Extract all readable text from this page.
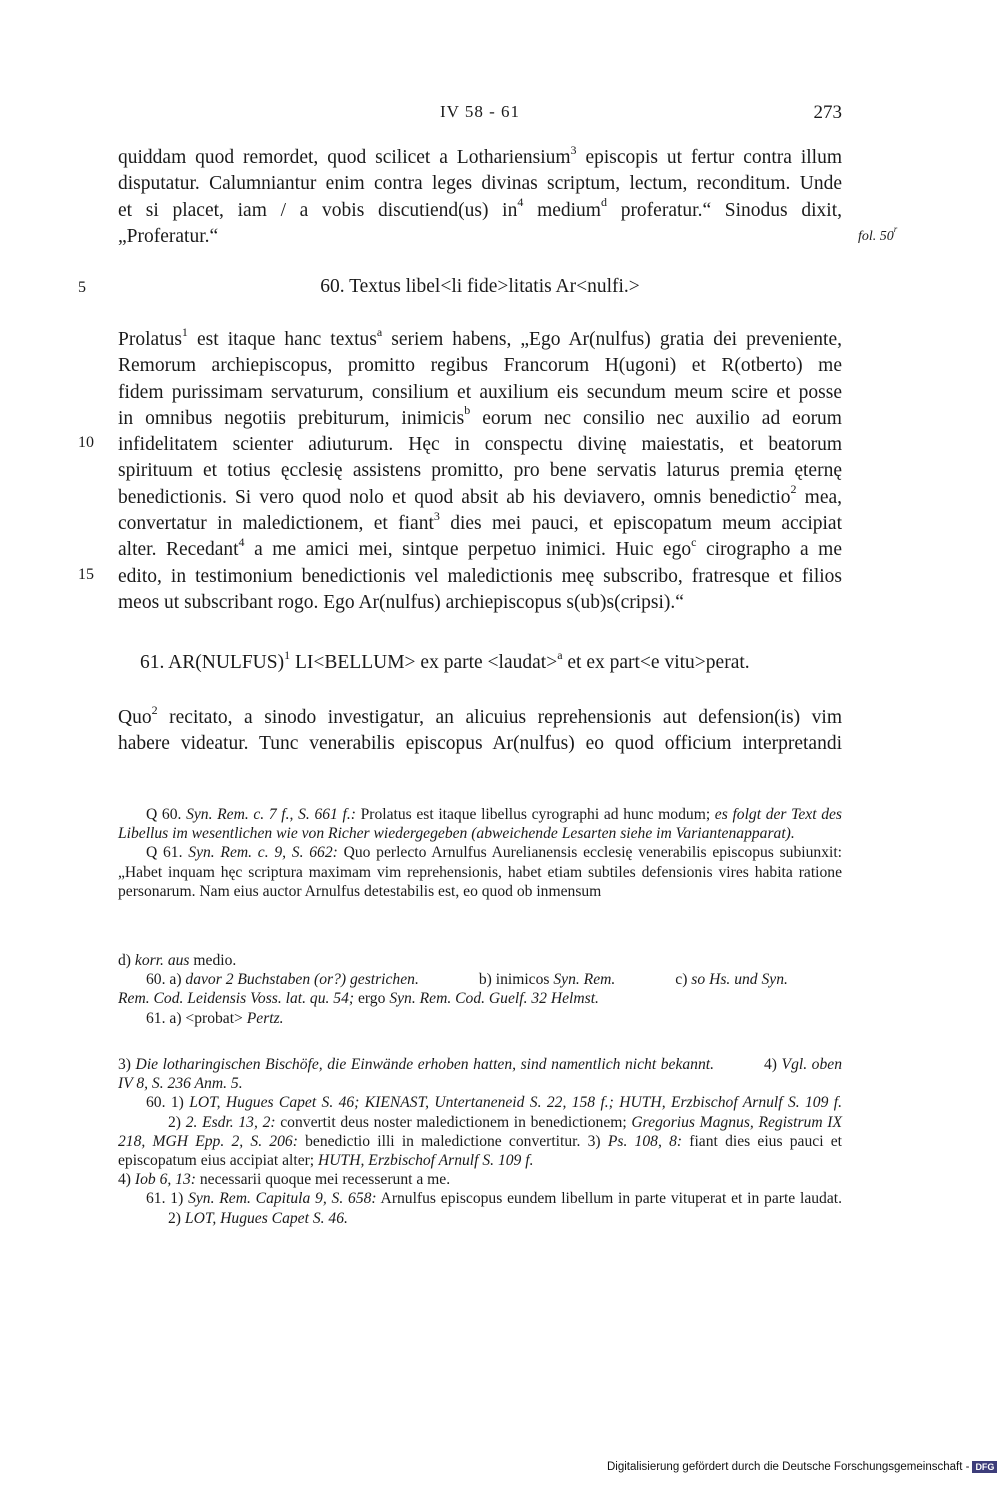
IV 58 - 61	273
fol. 50$^r$
5
10
15
quiddam quod remordet, quod scilicet a Lothariensium$^3$ episcopis ut fertur contra illum
disputatur. Calumniantur enim contra leges divinas scriptum, lectum, reconditum. Unde
et si placet, iam / a vobis discutiend(us) $in^4$ medium$^d$ proferatur.“ Sinodus dixit,
„Proferatur.“
60. Textus libel<li fide>litatis Ar<nulfi.>
Prolatus$^1$ est itaque hanc textus$^a$ seriem habens, „Ego Ar(nulfus) gratia dei preveniente,
Remorum archiepiscopus, promitto regibus Francorum H(ugoni) et R(otberto) me
fidem purissimam servaturum, consilium et auxilium eis secundum meum scire et posse
in omnibus negotiis prebiturum, inimicis$^b$ eorum nec consilio nec auxilio ad eorum
infidelitatem scienter adiuturum. Hęc in conspectu divinę maiestatis, et beatorum
spirituum et totius ęcclesię assistens promitto, pro bene servatis laturus premia ęternę
benedictionis. Si vero quod nolo et quod absit ab his deviavero, omnis benedictio$^2$ mea,
convertatur in maledictionem, et fiant$^3$ dies mei pauci, et episcopatum meum accipiat
alter. Recedant$^4$ a me amici mei, sintque perpetuo inimici. Huic ego$^c$ cirographo a me
edito, in testimonium benedictionis vel maledictionis meę subscribo, fratresque et filios
meos ut subscribant rogo. Ego Ar(nulfus) archiepiscopus s(ub)s(cripsi).“
61. AR(NULFUS)$^1$ LI<BELLUM> ex parte <laudat>$^a$ et ex part<e vitu>perat.
Quo$^2$ recitato, a sinodo investigatur, an alicuius reprehensionis aut defension(is) vim
habere videatur. Tunc venerabilis episcopus Ar(nulfus) eo quod officium interpretandi
Q 60. Syn. Rem. c. 7 f., S. 661 f.: Prolatus est itaque libellus cyrographi ad hunc modum; es folgt der Text des Libellus im wesentlichen wie von Richer wiedergegeben (abweichende Lesarten siehe im Variantenapparat).
Q 61. Syn. Rem. c. 9, S. 662: Quo perlecto Arnulfus Aurelianensis ecclesię venerabilis episcopus subiunxit: „Habet inquam hęc scriptura maximam vim reprehensionis, habet etiam subtiles defensionis vires habita ratione personarum. Nam eius auctor Arnulfus detestabilis est, eo quod ob inmensum
d) korr. aus medio.
60. a) davor 2 Buchstaben (or?) gestrichen.	b) inimicos Syn. Rem.	c) so Hs. und Syn.
Rem. Cod. Leidensis Voss. lat. qu. 54; ergo Syn. Rem. Cod. Guelf. 32 Helmst.
61. a) <probat> Pertz.
3) Die lotharingischen Bischöfe, die Einwände erhoben hatten, sind namentlich nicht bekannt.	4) Vgl. oben IV 8, S. 236 Anm. 5.
60. 1) LOT, Hugues Capet S. 46; KIENAST, Untertaneneid S. 22, 158 f.; HUTH, Erzbischof Arnulf S. 109 f.2) 2. Esdr. 13, 2: convertit deus noster maledictionem in benedictionem; Gregorius Magnus, Registrum IX 218, MGH Epp. 2, S. 206: benedictio illi in maledictione convertitur. 3) Ps. 108, 8: fiant dies eius pauci et episcopatum eius accipiat alter; HUTH, Erzbischof Arnulf S. 109 f.
4) Iob 6, 13: necessarii quoque mei recesserunt a me.
61. 1) Syn. Rem. Capitula 9, S. 658: Arnulfus episcopus eundem libellum in parte vituperat et in parte laudat.2) LOT, Hugues Capet S. 46.
Digitalisierung gefördert durch die Deutsche Forschungsgemeinschaft - DFG
